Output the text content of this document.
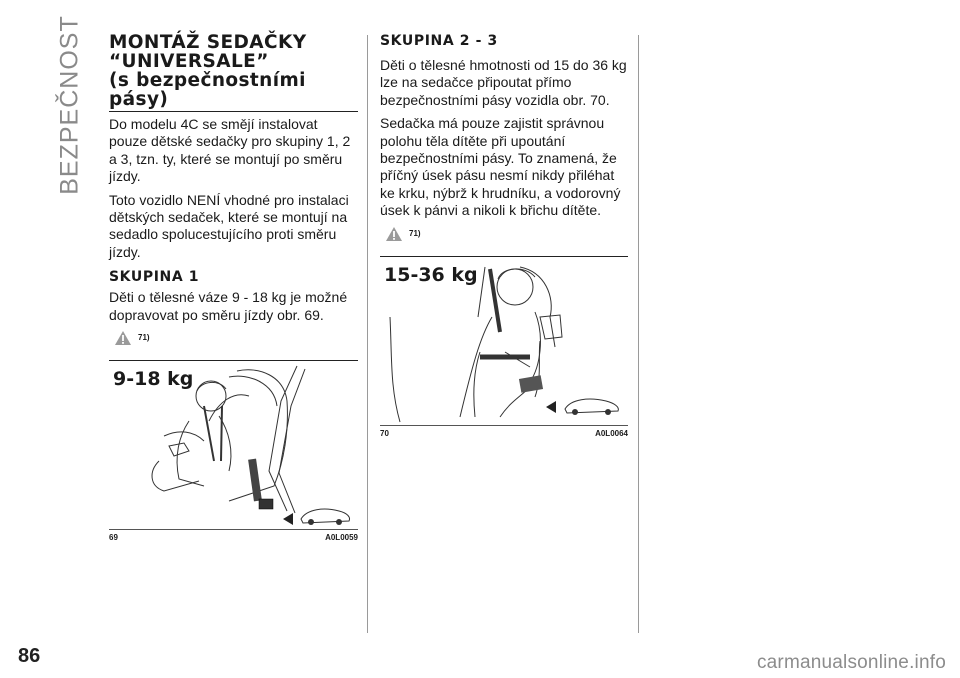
BEZPEČNOST MONTÁŽ SEDAČKY
“UNIVERSALE”
(s bezpečnostními
pásy)

Do modelu 4C se smějí instalovat pouze dětské sedačky pro skupiny 1, 2 a 3, tzn. ty, které se montují po směru jízdy.

Toto vozidlo NENÍ vhodné pro instalaci dětských sedaček, které se montují na sedadlo spolucestujícího proti směru jízdy.

SKUPINA 1

Děti o tělesné váze 9 - 18 kg je možné dopravovat po směru jízdy obr. 69.

71)
9-18 kg
69	A0L0059
SKUPINA 2 - 3

Děti o tělesné hmotnosti od 15 do 36 kg lze na sedačce připoutat přímo bezpečnostními pásy vozidla obr. 70.

Sedačka má pouze zajistit správnou polohu těla dítěte při upoutání bezpečnostními pásy. To znamená, že příčný úsek pásu nesmí nikdy přiléhat ke krku, nýbrž k hrudníku, a vodorovný úsek k pánvi a nikoli k břichu dítěte.

71)
15-36 kg
70	A0L0064
86	carmanualsonline.info
